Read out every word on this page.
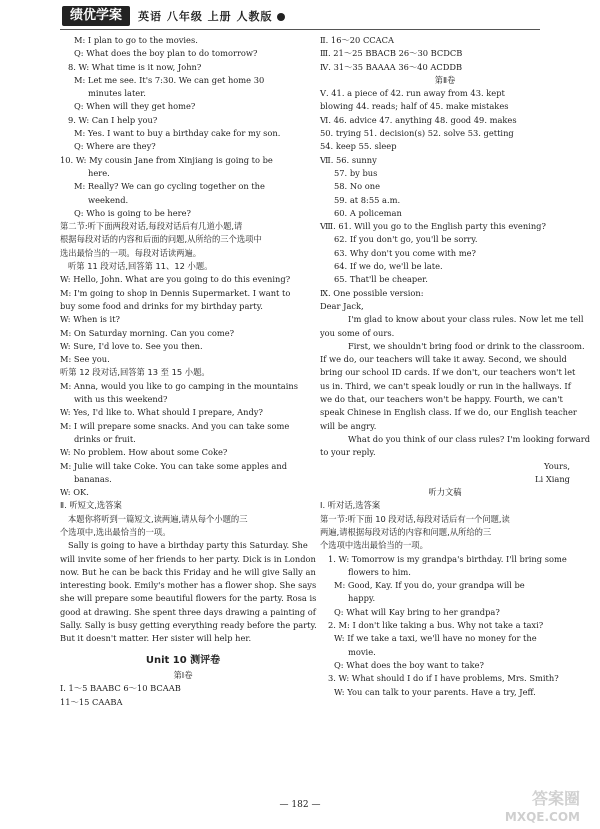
绩优学案	英语 八年级 上册 人教版

M: I plan to go to the movies.

Q: What does the boy plan to do tomorrow?

8. W: What time is it now, John?

M: Let me see. It's 7:30. We can get home 30

minutes later.

Q: When will they get home?

9. W: Can I help you?

M: Yes. I want to buy a birthday cake for my son.

Q: Where are they?

10. W: My cousin Jane from Xinjiang is going to be

here.

M: Really? We can go cycling together on the

weekend.

Q: Who is going to be here?

第二节:听下面两段对话,每段对话后有几道小题,请

根据每段对话的内容和后面的问题,从所给的三个选项中

选出最恰当的一项。每段对话读两遍。

听第 11 段对话,回答第 11、12 小题。

W: Hello, John. What are you going to do this evening?

M: I'm going to shop in Dennis Supermarket. I want to

buy some food and drinks for my birthday party.

W: When is it?

M: On Saturday morning. Can you come?

W: Sure, I'd love to. See you then.

M: See you.

听第 12 段对话,回答第 13 至 15 小题。

M: Anna, would you like to go camping in the mountains

with us this weekend?

W: Yes, I'd like to. What should I prepare, Andy?

M: I will prepare some snacks. And you can take some

drinks or fruit.

W: No problem. How about some Coke?

M: Julie will take Coke. You can take some apples and

bananas.

W: OK.

Ⅱ. 听短文,选答案

本题你将听到一篇短文,读两遍,请从每个小题的三

个选项中,选出最恰当的一项。

Sally is going to have a birthday party this Saturday. She

will invite some of her friends to her party. Dick is in London

now. But he can be back this Friday and he will give Sally an

interesting book. Emily's mother has a flower shop. She says

she will prepare some beautiful flowers for the party. Rosa is

good at drawing. She spent three days drawing a painting of

Sally. Sally is busy getting everything ready before the party.

But it doesn't matter. Her sister will help her.

Unit 10 测评卷

第Ⅰ卷

Ⅰ. 1～5 BAABC 6～10 BCAAB

11～15 CAABA

Ⅱ. 16～20 CCACA

Ⅲ. 21～25 BBACB 26～30 BCDCB

Ⅳ. 31～35 BAAAA 36～40 ACDDB

第Ⅱ卷

Ⅴ. 41. a piece of 42. run away from 43. kept

blowing 44. reads; half of 45. make mistakes

Ⅵ. 46. advice 47. anything 48. good 49. makes

50. trying 51. decision(s) 52. solve 53. getting

54. keep 55. sleep

Ⅶ. 56. sunny

57. by bus

58. No one

59. at 8:55 a.m.

60. A policeman

Ⅷ. 61. Will you go to the English party this evening?

62. If you don't go, you'll be sorry.

63. Why don't you come with me?

64. If we do, we'll be late.

65. That'll be cheaper.

Ⅸ. One possible version:

Dear Jack,

I'm glad to know about your class rules. Now let me tell

you some of ours.

First, we shouldn't bring food or drink to the classroom.

If we do, our teachers will take it away. Second, we should

bring our school ID cards. If we don't, our teachers won't let

us in. Third, we can't speak loudly or run in the hallways. If

we do that, our teachers won't be happy. Fourth, we can't

speak Chinese in English class. If we do, our English teacher

will be angry.

What do you think of our class rules? I'm looking forward

to your reply.

Yours,

Li Xiang

听力文稿

Ⅰ. 听对话,选答案

第一节:听下面 10 段对话,每段对话后有一个问题,读

两遍,请根据每段对话的内容和问题,从所给的三

个选项中选出最恰当的一项。

1. W: Tomorrow is my grandpa's birthday. I'll bring some

flowers to him.

M: Good, Kay. If you do, your grandpa will be

happy.

Q: What will Kay bring to her grandpa?

2. M: I don't like taking a bus. Why not take a taxi?

W: If we take a taxi, we'll have no money for the

movie.

Q: What does the boy want to take?

3. W: What should I do if I have problems, Mrs. Smith?

W: You can talk to your parents. Have a try, Jeff.

— 182 —	答案圈
MXQE.COM
